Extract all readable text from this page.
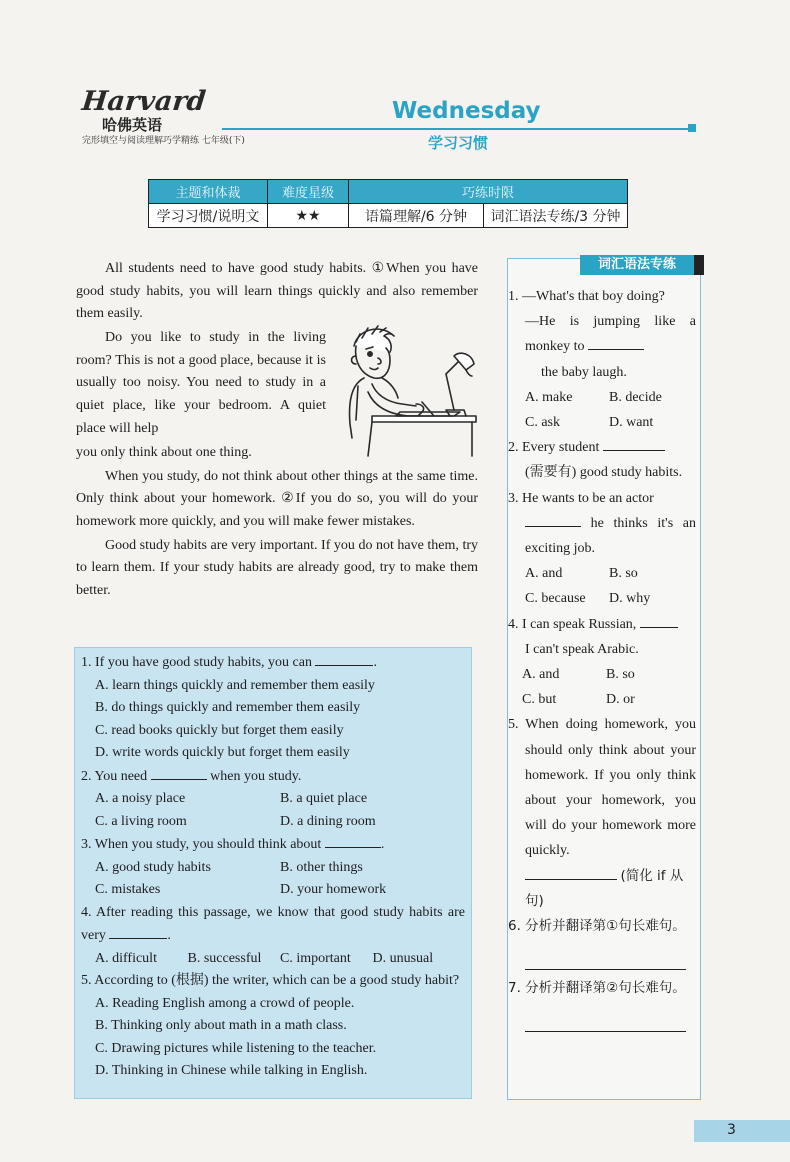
Harvard
哈佛英语
完形填空与阅读理解巧学精练 七年级(下)
Wednesday
学习习惯
主题和体裁	难度星级	巧练时限	
学习习惯/说明文	★★	语篇理解/6 分钟	词汇语法专练/3 分钟

All students need to have good study habits. ①When you have good study habits, you will learn things quickly and also remember them easily.

Do you like to study in the living room? This is not a good place, because it is usually too noisy. You need to study in a quiet place, like your bedroom. A quiet place will help

you only think about one thing.

When you study, do not think about other things at the same time. Only think about your homework. ②If you do so, you will do your homework more quickly, and you will make fewer mistakes.

Good study habits are very important. If you do not have them, try to learn them. If your study habits are already good, try to make them better.

1. If you have good study habits, you can	.
A. learn things quickly and remember them easily
B. do things quickly and remember them easily
C. read books quickly but forget them easily
D. write words quickly but forget them easily
2. You need	when you study.
A. a noisy place	B. a quiet place
C. a living room	D. a dining room
3. When you study, you should think about	.
A. good study habits	B. other things
C. mistakes	D. your homework
4. After reading this passage, we know that good study habits are very	.
A. difficult	B. successful	C. important	D. unusual
5. According to (根据) the writer, which can be a good study habit?
A. Reading English among a crowd of people.
B. Thinking only about math in a math class.
C. Drawing pictures while listening to the teacher.
D. Thinking in Chinese while talking in English.
词汇语法专练
1. —What's that boy doing?
—He is jumping like a monkey to
the baby laugh.
A. make	B. decide
C. ask	D. want
2. Every student
(需要有) good study habits.
3. He wants to be an actor
he thinks it's an exciting job.
A. and	B. so
C. because	D. why
4. I can speak Russian,
I can't speak Arabic.
A. and	B. so
C. but	D. or
5. When doing homework, you should only think about your homework. If you only think about your homework, you will do your homework more quickly.
(简化 if 从句)
6. 分析并翻译第①句长难句。
7. 分析并翻译第②句长难句。
3
